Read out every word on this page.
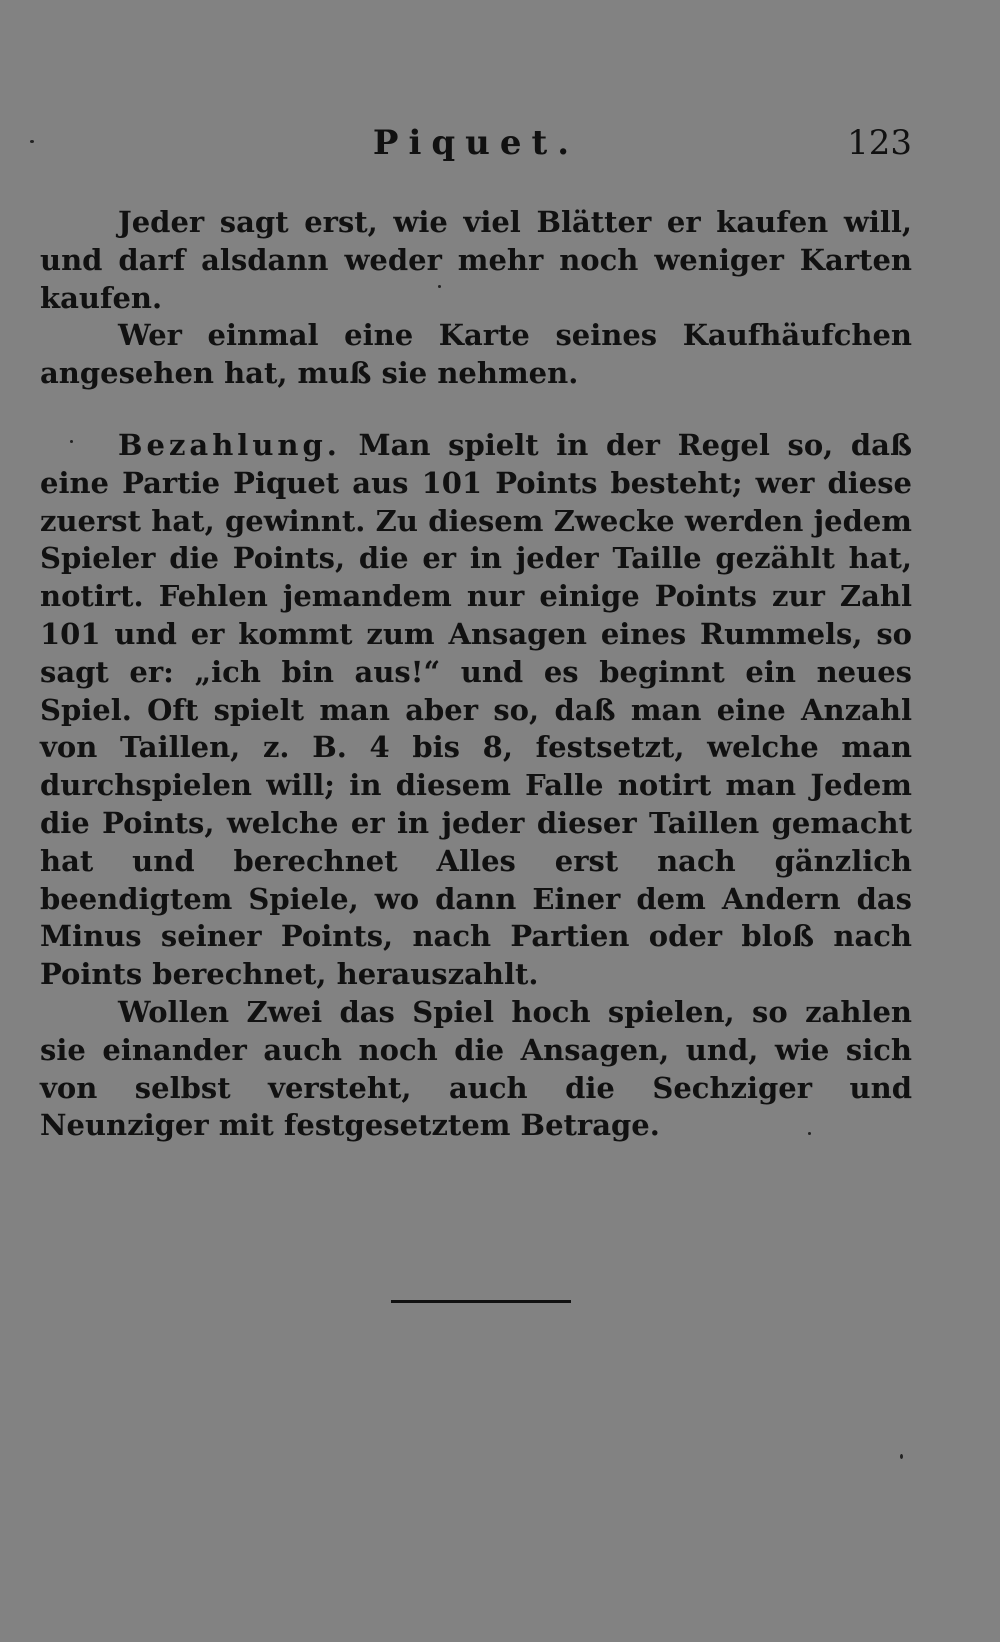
Piquet.	123

Jeder sagt erst, wie viel Blätter er kaufen will, und darf alsdann weder mehr noch weniger Karten kaufen.

Wer einmal eine Karte seines Kaufhäufchen angesehen hat, muß sie nehmen.

Bezahlung. Man spielt in der Regel so, daß eine Partie Piquet aus 101 Points besteht; wer diese zuerst hat, gewinnt. Zu diesem Zwecke werden jedem Spieler die Points, die er in jeder Taille gezählt hat, notirt. Fehlen jemandem nur einige Points zur Zahl 101 und er kommt zum Ansagen eines Rummels, so sagt er: „ich bin aus!“ und es beginnt ein neues Spiel. Oft spielt man aber so, daß man eine Anzahl von Taillen, z. B. 4 bis 8, festsetzt, welche man durchspielen will; in diesem Falle notirt man Jedem die Points, welche er in jeder dieser Taillen gemacht hat und berechnet Alles erst nach gänzlich beendigtem Spiele, wo dann Einer dem Andern das Minus seiner Points, nach Partien oder bloß nach Points berechnet, herauszahlt.

Wollen Zwei das Spiel hoch spielen, so zahlen sie einander auch noch die Ansagen, und, wie sich von selbst versteht, auch die Sechziger und Neunziger mit festgesetztem Betrage.
